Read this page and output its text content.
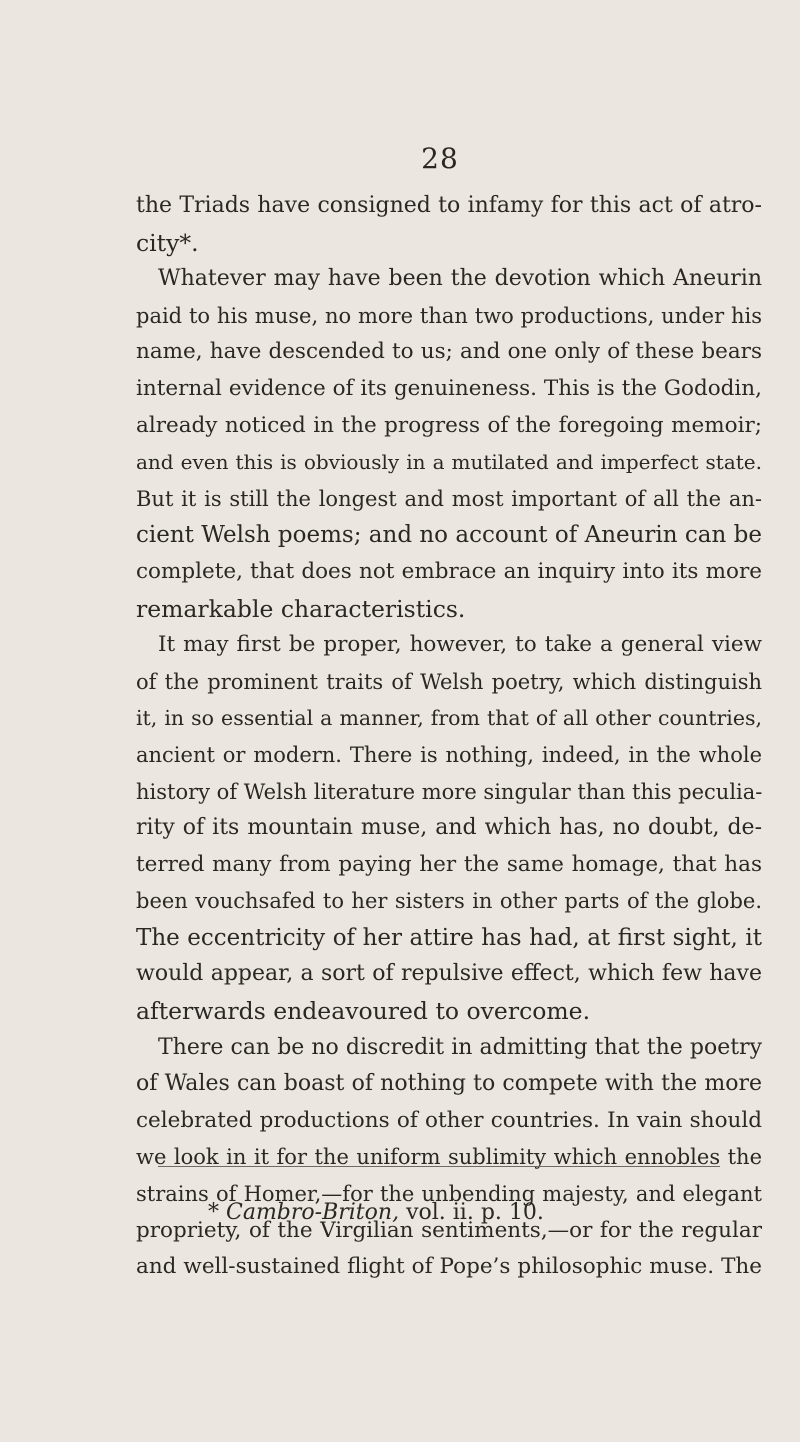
28
the Triads have consigned to infamy for this act of atro-
city*.
Whatever may have been the devotion which Aneurin
paid to his muse, no more than two productions, under his
name, have descended to us; and one only of these bears
internal evidence of its genuineness. This is the Gododin,
already noticed in the progress of the foregoing memoir;
and even this is obviously in a mutilated and imperfect state.
But it is still the longest and most important of all the an-
cient Welsh poems; and no account of Aneurin can be
complete, that does not embrace an inquiry into its more
remarkable characteristics.
It may first be proper, however, to take a general view
of the prominent traits of Welsh poetry, which distinguish
it, in so essential a manner, from that of all other countries,
ancient or modern. There is nothing, indeed, in the whole
history of Welsh literature more singular than this peculia-
rity of its mountain muse, and which has, no doubt, de-
terred many from paying her the same homage, that has
been vouchsafed to her sisters in other parts of the globe.
The eccentricity of her attire has had, at first sight, it
would appear, a sort of repulsive effect, which few have
afterwards endeavoured to overcome.
There can be no discredit in admitting that the poetry
of Wales can boast of nothing to compete with the more
celebrated productions of other countries. In vain should
we look in it for the uniform sublimity which ennobles the
strains of Homer,—for the unbending majesty, and elegant
propriety, of the Virgilian sentiments,—or for the regular
and well-sustained flight of Pope’s philosophic muse. The
* Cambro-Briton, vol. ii. p. 10.
